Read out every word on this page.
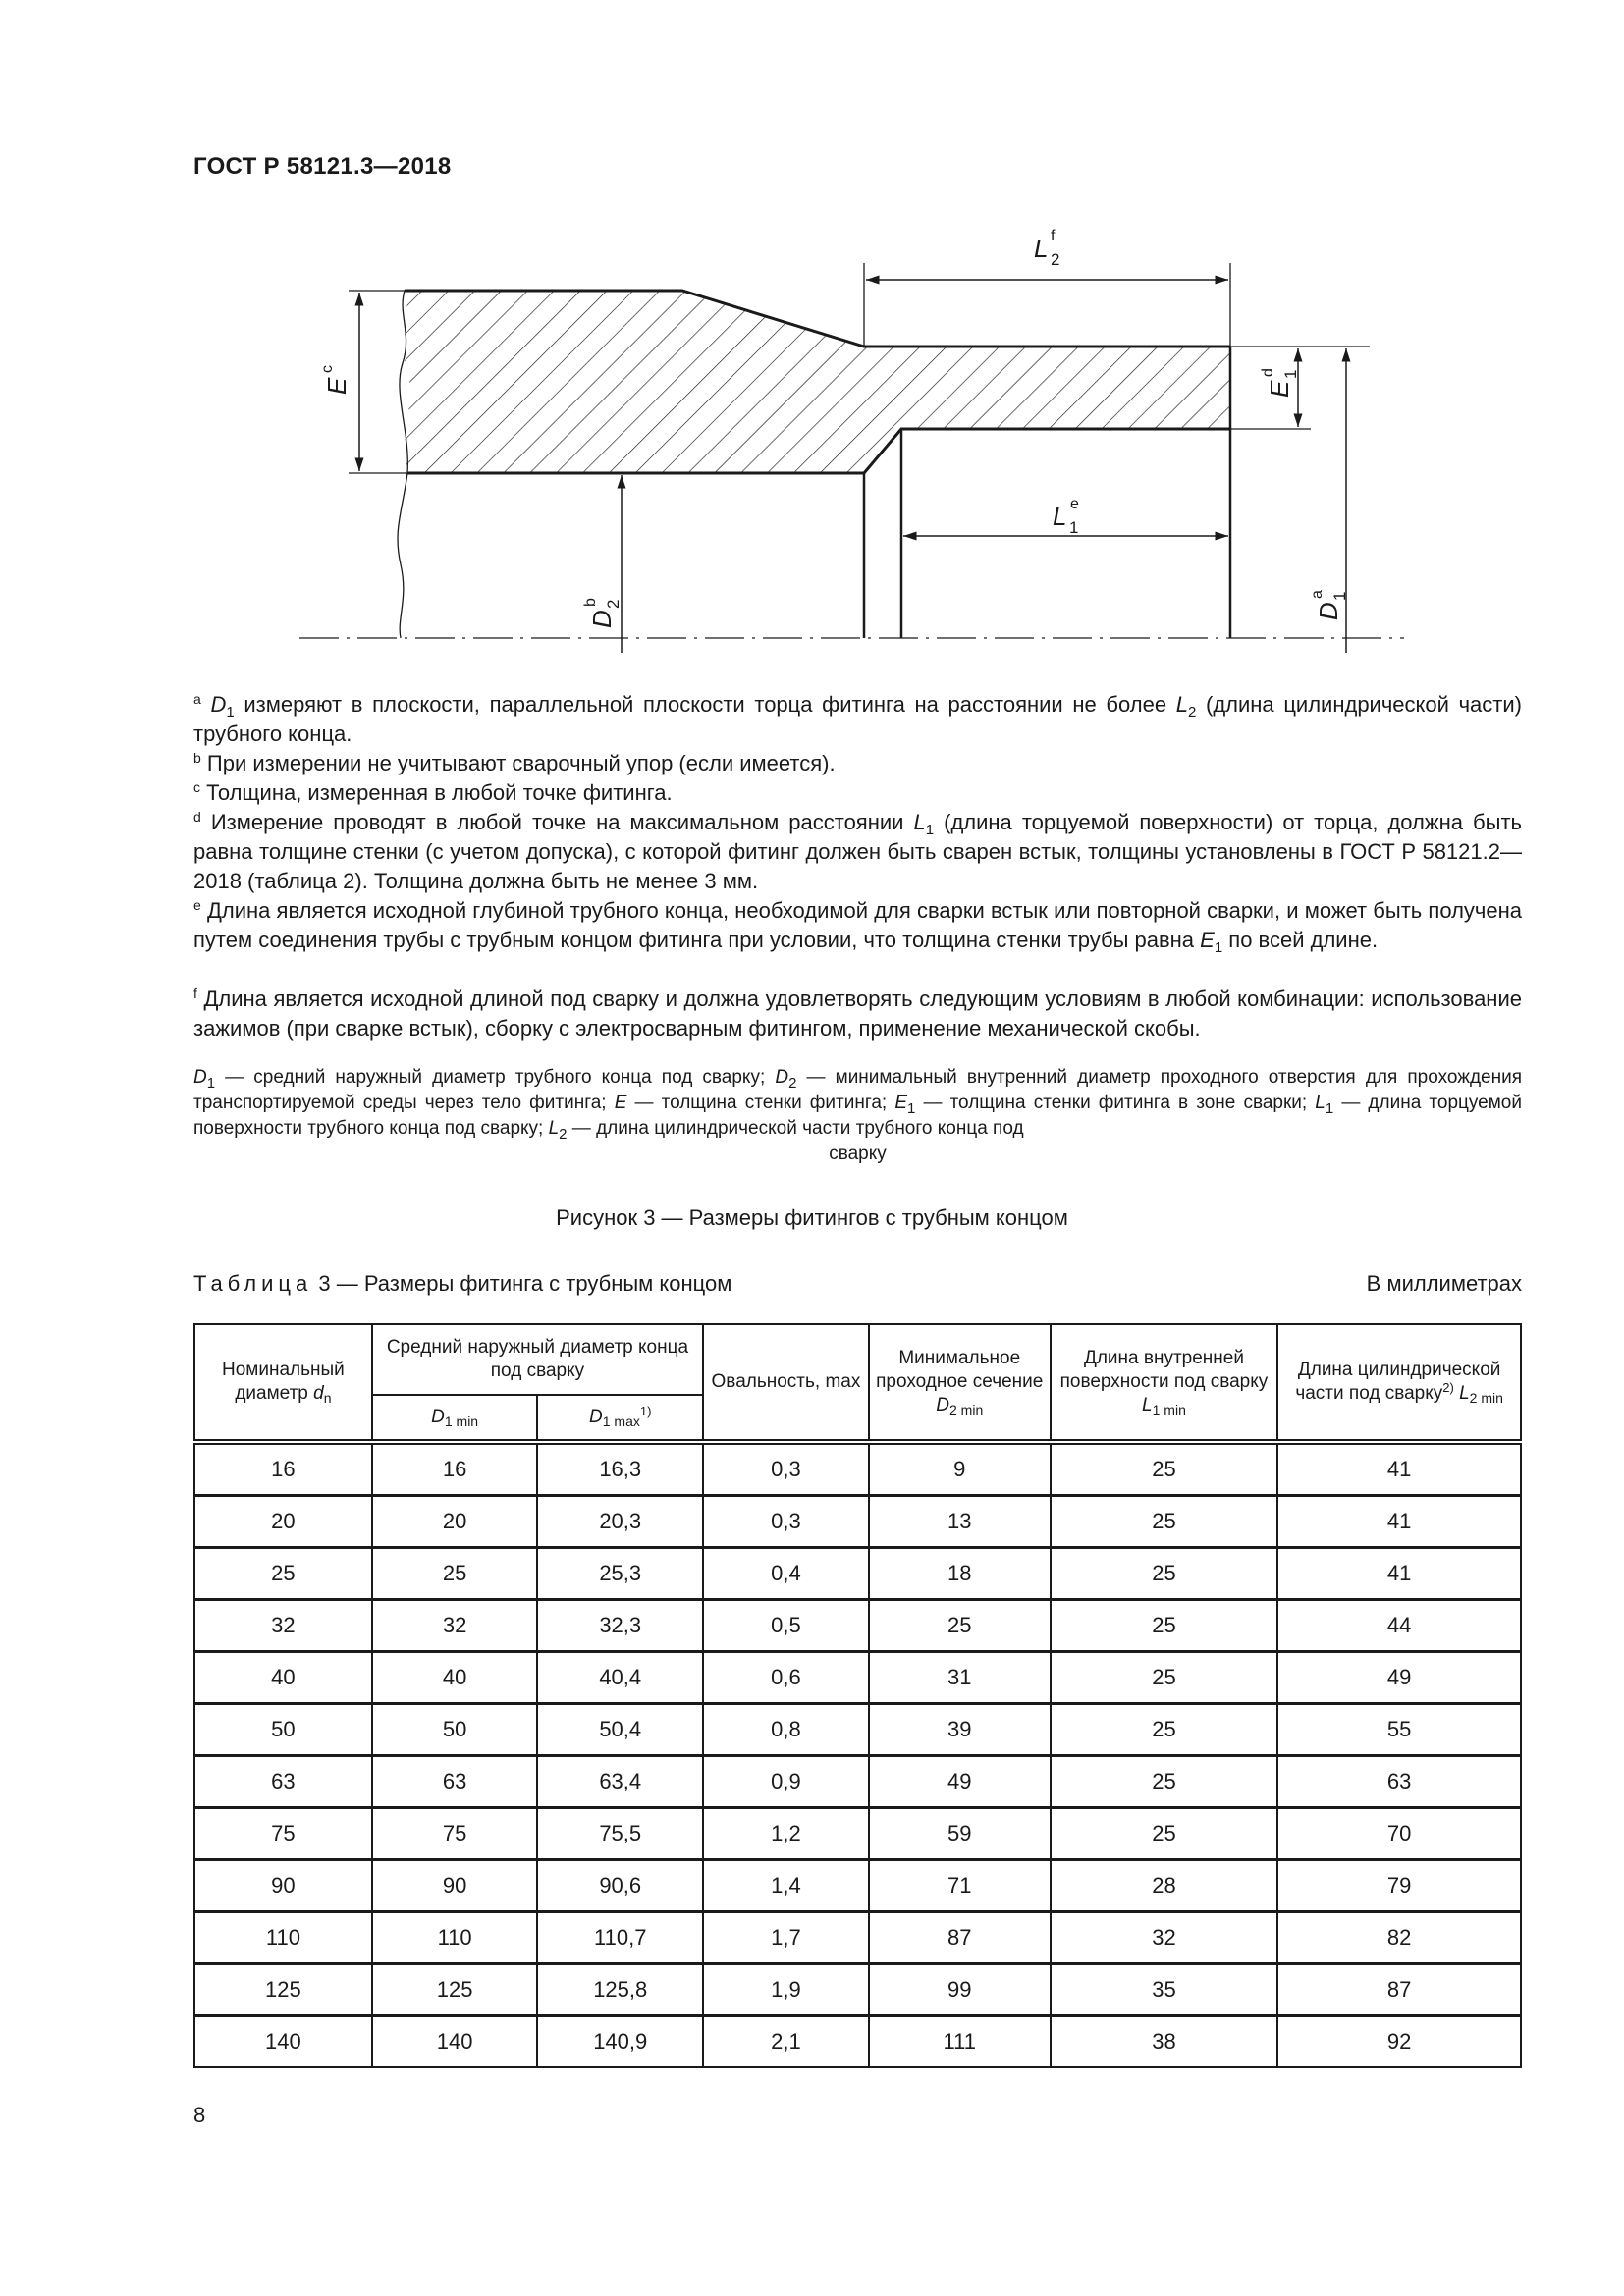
ГОСТ Р 58121.3—2018
L 2
f
L 1
e
E
c
E
1
d
D
2
b	D
1
a
$^a$ $D_1$ измеряют в плоскости, параллельной плоскости торца фитинга на расстоянии не более $L_2$ (длина цилиндрической части) трубного конца.
$^b$ При измерении не учитывают сварочный упор (если имеется).
$^c$ Толщина, измеренная в любой точке фитинга.
$^d$ Измерение проводят в любой точке на максимальном расстоянии $L_1$ (длина торцуемой поверхности) от торца, должна быть равна толщине стенки (с учетом допуска), с которой фитинг должен быть сварен встык, толщины установлены в ГОСТ Р 58121.2—2018 (таблица 2). Толщина должна быть не менее 3 мм.
$^e$ Длина является исходной глубиной трубного конца, необходимой для сварки встык или повторной сварки, и может быть получена путем соединения трубы с трубным концом фитинга при условии, что толщина стенки трубы равна $E_1$ по всей длине.
$^f$ Длина является исходной длиной под сварку и должна удовлетворять следующим условиям в любой комбинации: использование зажимов (при сварке встык), сборку с электросварным фитингом, применение механической скобы.
$D_1$ — средний наружный диаметр трубного конца под сварку; $D_2$ — минимальный внутренний диаметр проходного отверстия для прохождения транспортируемой среды через тело фитинга; E — толщина стенки фитинга; $E_1$ — толщина стенки фитинга в зоне сварки; $L_1$ — длина торцуемой поверхности трубного конца под сварку; $L_2$ — длина цилиндрической части трубного конца под
сварку
Рисунок 3 — Размеры фитингов с трубным концом
Таблица 3 — Размеры фитинга с трубным концом	В миллиметрах
Номинальный диаметр $d_n$	Средний наружный диаметр конца под сварку		Овальность, max	Минимальное проходное сечение $D_{2 min}$	Длина внутренней поверхности под сварку $L_{1 min}$	Длина цилиндрической части под сварку$^{2)}$ $L_{2 min}$
	$D_{1 min}$	$D_{1 max}^{1)}$
16	16	16,3	0,3	9	25	41
20	20	20,3	0,3	13	25	41
25	25	25,3	0,4	18	25	41
32	32	32,3	0,5	25	25	44
40	40	40,4	0,6	31	25	49
50	50	50,4	0,8	39	25	55
63	63	63,4	0,9	49	25	63
75	75	75,5	1,2	59	25	70
90	90	90,6	1,4	71	28	79
110	110	110,7	1,7	87	32	82
125	125	125,8	1,9	99	35	87
140	140	140,9	2,1	111	38	92
8
